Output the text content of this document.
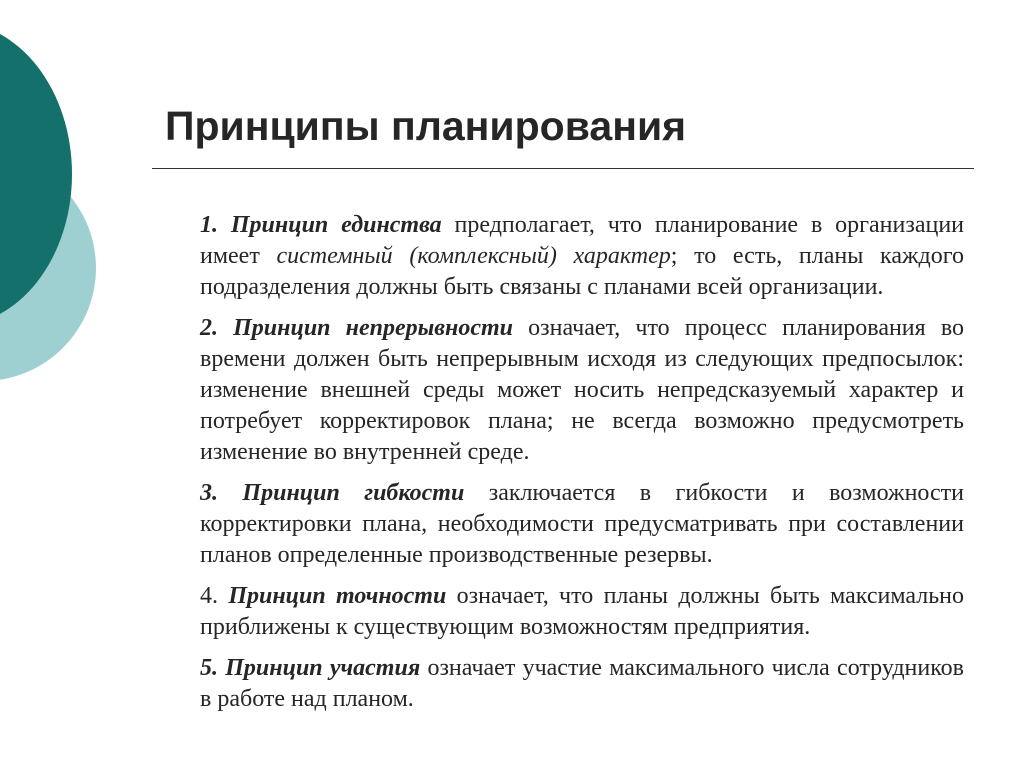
Принципы планирования

1. Принцип единства предполагает, что планирование в организации имеет системный (комплексный) характер; то есть, планы каждого подразделения должны быть связаны с планами всей организации.

2. Принцип непрерывности означает, что процесс планирования во времени должен быть непрерывным исходя из следующих предпосылок: изменение внешней среды может носить непредсказуемый характер и потребует корректировок плана; не всегда возможно предусмотреть изменение во внутренней среде.

3. Принцип гибкости заключается в гибкости и возможности корректировки плана, необходимости предусматривать при составлении планов определенные производственные резервы.

4. Принцип точности означает, что планы должны быть максимально приближены к существующим возможностям предприятия.

5. Принцип участия означает участие максимального числа сотрудников в работе над планом.
